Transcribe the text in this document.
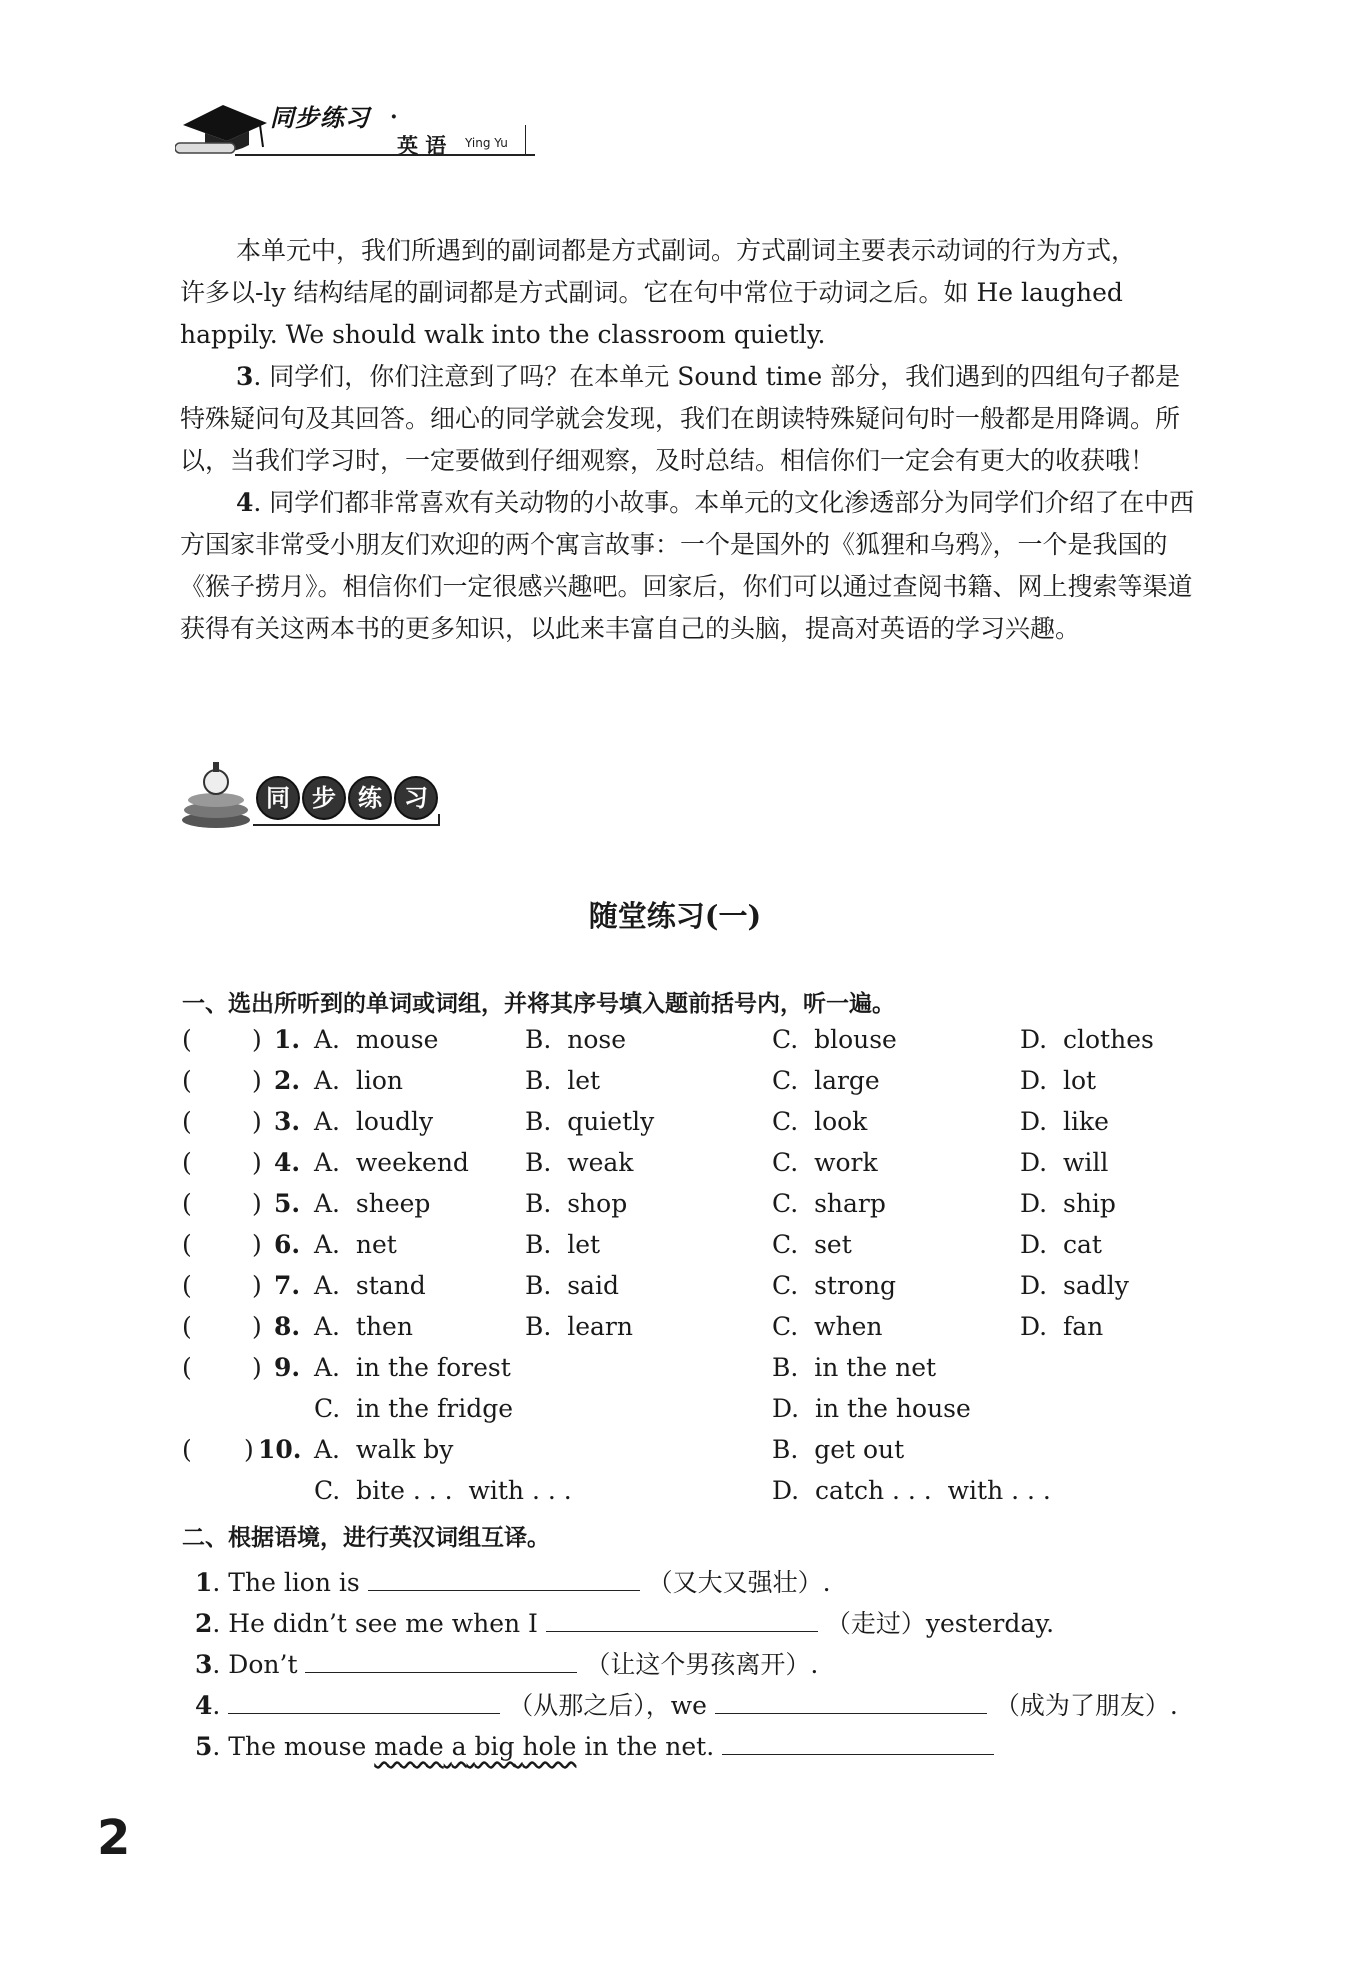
同步练习 ·
英 语 Ying Yu

本单元中，我们所遇到的副词都是方式副词。方式副词主要表示动词的行为方式，

许多以-ly 结构结尾的副词都是方式副词。它在句中常位于动词之后。如 He laughed

happily. We should walk into the classroom quietly.

3. 同学们，你们注意到了吗？在本单元 Sound time 部分，我们遇到的四组句子都是特殊疑问句及其回答。细心的同学就会发现，我们在朗读特殊疑问句时一般都是用降调。所以，当我们学习时，一定要做到仔细观察，及时总结。相信你们一定会有更大的收获哦！

4. 同学们都非常喜欢有关动物的小故事。本单元的文化渗透部分为同学们介绍了在中西方国家非常受小朋友们欢迎的两个寓言故事：一个是国外的《狐狸和乌鸦》，一个是我国的《猴子捞月》。相信你们一定很感兴趣吧。回家后，你们可以通过查阅书籍、网上搜索等渠道获得有关这两本书的更多知识，以此来丰富自己的头脑，提高对英语的学习兴趣。

同 步 练 习
随堂练习(一)
一、选出所听到的单词或词组，并将其序号填入题前括号内，听一遍。
( ) 1. A.  mouse	B.  nose	C.  blouse	D.  clothes
( ) 2. A.  lion	B.  let	C.  large	D.  lot
( ) 3. A.  loudly	B.  quietly	C.  look	D.  like
( ) 4. A.  weekend B.  weak	C.  work	D.  will
( ) 5. A.  sheep	B.  shop	C.  sharp	D.  ship
( ) 6. A.  net	B.  let	C.  set	D.  cat
( ) 7. A.  stand	B.  said	C.  strong	D.  sadly
( ) 8. A.  then	B.  learn	C.  when	D.  fan
( ) 9. A.  in the forest	B.  in the net
C.  in the fridge	D.  in the house
( ) 10. A.  walk by	B.  get out
C.  bite . . .  with . . .	D.  catch . . .  with . . .
二、根据语境，进行英汉词组互译。
1. The lion is	（又大又强壮）.
2. He didn’t see me when I	（走过）yesterday.
3. Don’t	（让这个男孩离开）.
4.	（从那之后），we	（成为了朋友）.
5. The mouse made a big hole in the net.
2
